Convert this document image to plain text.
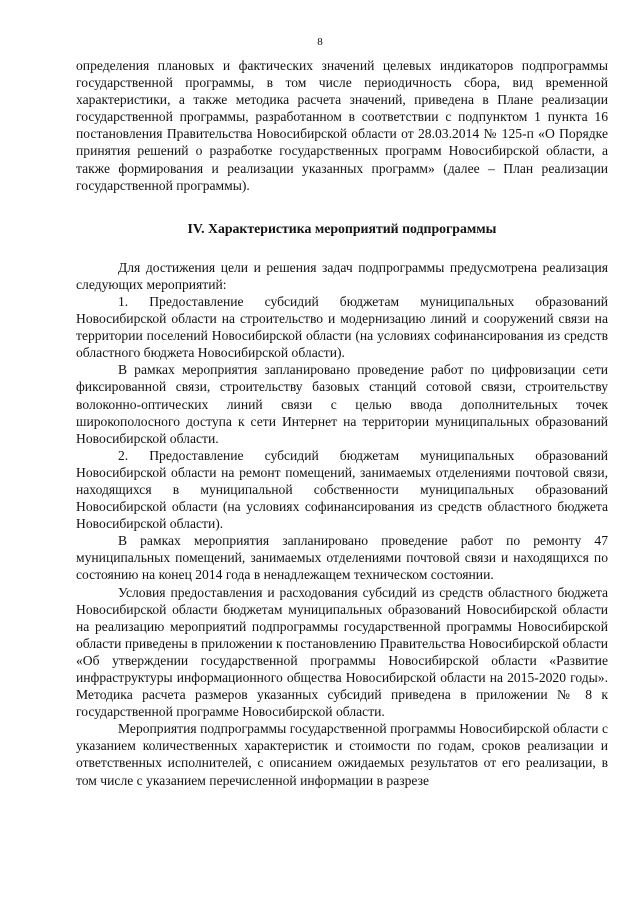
8

определения плановых и фактических значений целевых индикаторов подпрограммы государственной программы, в том числе периодичность сбора, вид временной характеристики, а также методика расчета значений, приведена в Плане реализации государственной программы, разработанном в соответствии с подпунктом 1 пункта 16 постановления Правительства Новосибирской области от 28.03.2014 № 125-п «О Порядке принятия решений о разработке государственных программ Новосибирской области, а также формирования и реализации указанных программ» (далее – План реализации государственной программы).

IV. Характеристика мероприятий подпрограммы

Для достижения цели и решения задач подпрограммы предусмотрена реализация следующих мероприятий:

1. Предоставление субсидий бюджетам муниципальных образований Новосибирской области на строительство и модернизацию линий и сооружений связи на территории поселений Новосибирской области (на условиях софинансирования из средств областного бюджета Новосибирской области).

В рамках мероприятия запланировано проведение работ по цифровизации сети фиксированной связи, строительству базовых станций сотовой связи, строительству волоконно-оптических линий связи с целью ввода дополнительных точек широкополосного доступа к сети Интернет на территории муниципальных образований Новосибирской области.

2. Предоставление субсидий бюджетам муниципальных образований Новосибирской области на ремонт помещений, занимаемых отделениями почтовой связи, находящихся в муниципальной собственности муниципальных образований Новосибирской области (на условиях софинансирования из средств областного бюджета Новосибирской области).

В рамках мероприятия запланировано проведение работ по ремонту 47 муниципальных помещений, занимаемых отделениями почтовой связи и находящихся по состоянию на конец 2014 года в ненадлежащем техническом состоянии.

Условия предоставления и расходования субсидий из средств областного бюджета Новосибирской области бюджетам муниципальных образований Новосибирской области на реализацию мероприятий подпрограммы государственной программы Новосибирской области приведены в приложении к постановлению Правительства Новосибирской области «Об утверждении государственной программы Новосибирской области «Развитие инфраструктуры информационного общества Новосибирской области на 2015-2020 годы». Методика расчета размеров указанных субсидий приведена в приложении № 8 к государственной программе Новосибирской области.

Мероприятия подпрограммы государственной программы Новосибирской области с указанием количественных характеристик и стоимости по годам, сроков реализации и ответственных исполнителей, с описанием ожидаемых результатов от его реализации, в том числе с указанием перечисленной информации в разрезе
